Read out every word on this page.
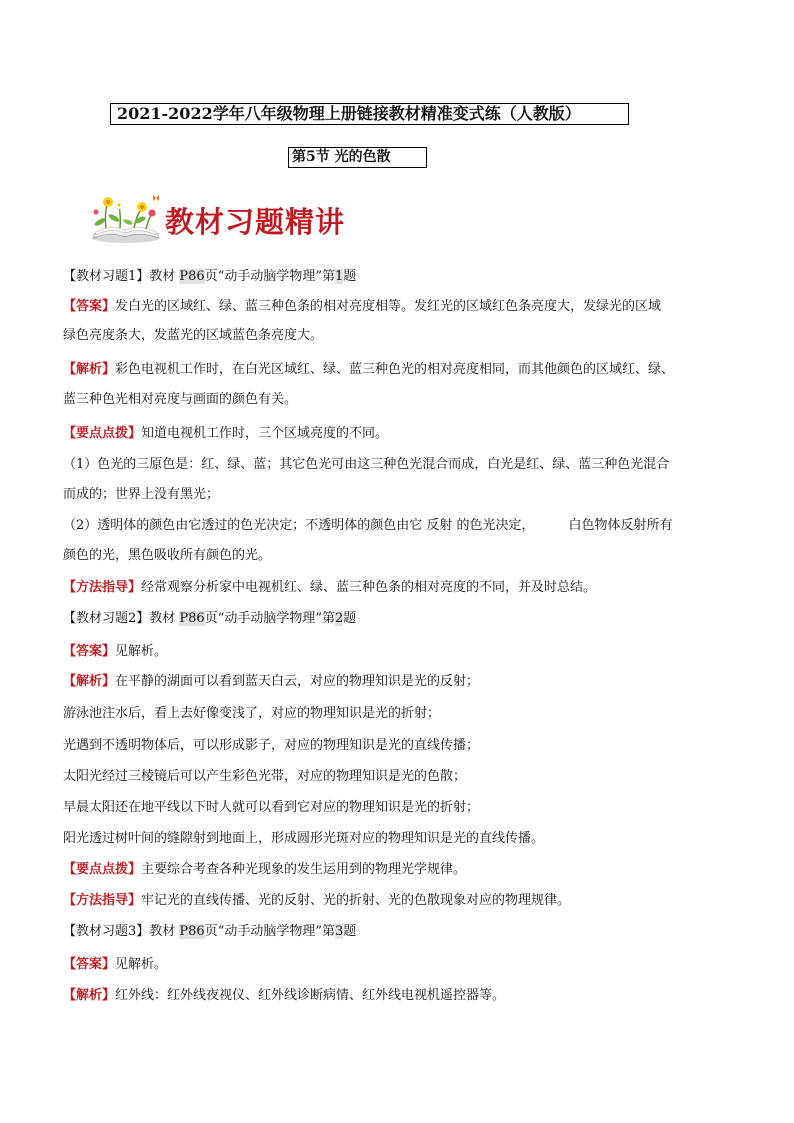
2021-2022学年八年级物理上册链接教材精准变式练（人教版）
第5节 光的色散
教材习题精讲
【教材习题1】教材 P86页“动手动脑学物理”第1题
【答案】发白光的区域红、绿、蓝三种色条的相对亮度相等。发红光的区域红色条亮度大，发绿光的区域
绿色亮度条大，发蓝光的区域蓝色条亮度大。
【解析】彩色电视机工作时，在白光区域红、绿、蓝三种色光的相对亮度相同，而其他颜色的区域红、绿、
蓝三种色光相对亮度与画面的颜色有关。
【要点点拨】知道电视机工作时，三个区域亮度的不同。
（1）色光的三原色是：红、绿、蓝；其它色光可由这三种色光混合而成，白光是红、绿、蓝三种色光混合
而成的；世界上没有黑光；
（2）透明体的颜色由它透过的色光决定；不透明体的颜色由它 反射 的色光决定，	白色物体反射所有
颜色的光，黑色吸收所有颜色的光。
【方法指导】经常观察分析家中电视机红、绿、蓝三种色条的相对亮度的不同，并及时总结。
【教材习题2】教材 P86页“动手动脑学物理”第2题
【答案】见解析。
【解析】在平静的湖面可以看到蓝天白云，对应的物理知识是光的反射；
游泳池注水后，看上去好像变浅了，对应的物理知识是光的折射；
光遇到不透明物体后，可以形成影子，对应的物理知识是光的直线传播；
太阳光经过三棱镜后可以产生彩色光带，对应的物理知识是光的色散；
早晨太阳还在地平线以下时人就可以看到它对应的物理知识是光的折射；
阳光透过树叶间的缝隙射到地面上，形成圆形光斑对应的物理知识是光的直线传播。
【要点点拨】主要综合考查各种光现象的发生运用到的物理光学规律。
【方法指导】牢记光的直线传播、光的反射、光的折射、光的色散现象对应的物理规律。
【教材习题3】教材 P86页“动手动脑学物理”第3题
【答案】见解析。
【解析】红外线：红外线夜视仪、红外线诊断病情、红外线电视机遥控器等。
